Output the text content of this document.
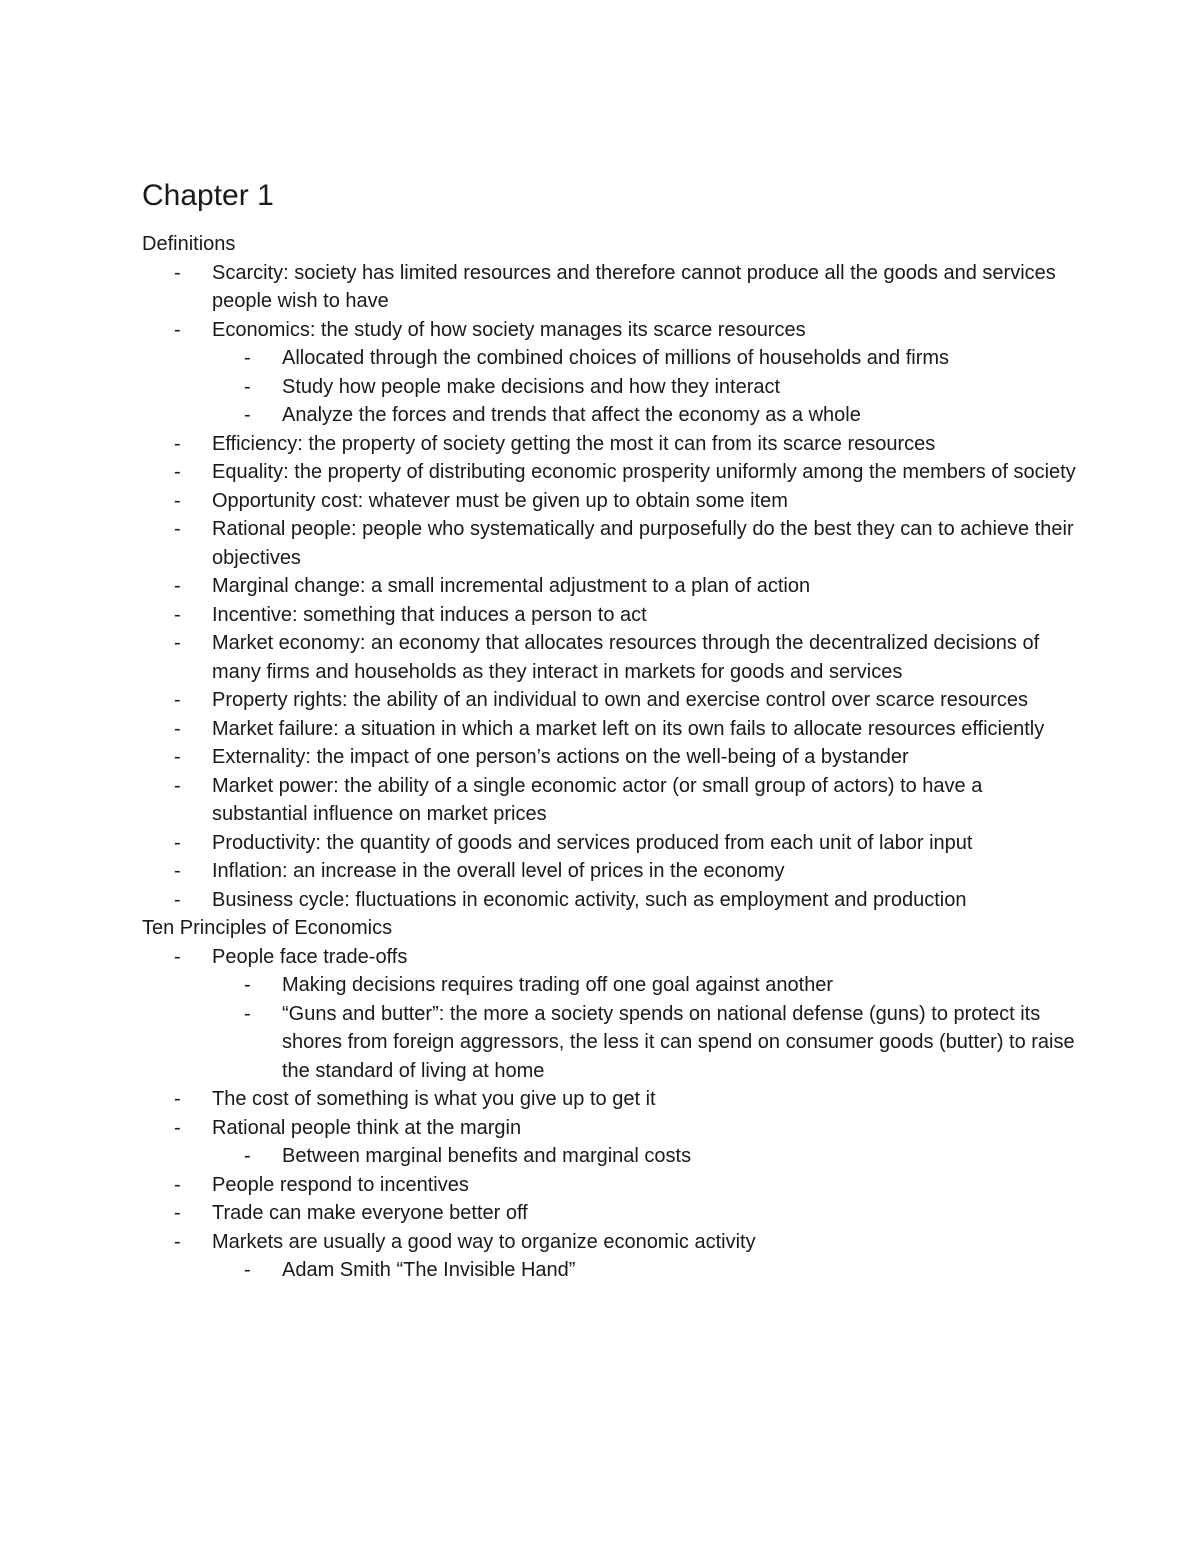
Chapter 1
Definitions
- Scarcity: society has limited resources and therefore cannot produce all the goods and services people wish to have
- Economics: the study of how society manages its scarce resources
- Allocated through the combined choices of millions of households and firms
- Study how people make decisions and how they interact
- Analyze the forces and trends that affect the economy as a whole
- Efficiency: the property of society getting the most it can from its scarce resources
- Equality: the property of distributing economic prosperity uniformly among the members of society
- Opportunity cost: whatever must be given up to obtain some item
- Rational people: people who systematically and purposefully do the best they can to achieve their objectives
- Marginal change: a small incremental adjustment to a plan of action
- Incentive: something that induces a person to act
- Market economy: an economy that allocates resources through the decentralized decisions of many firms and households as they interact in markets for goods and services
- Property rights: the ability of an individual to own and exercise control over scarce resources
- Market failure: a situation in which a market left on its own fails to allocate resources efficiently
- Externality: the impact of one person’s actions on the well-being of a bystander
- Market power: the ability of a single economic actor (or small group of actors) to have a substantial influence on market prices
- Productivity: the quantity of goods and services produced from each unit of labor input
- Inflation: an increase in the overall level of prices in the economy
- Business cycle: fluctuations in economic activity, such as employment and production
Ten Principles of Economics
- People face trade-offs
- Making decisions requires trading off one goal against another
- “Guns and butter”: the more a society spends on national defense (guns) to protect its shores from foreign aggressors, the less it can spend on consumer goods (butter) to raise the standard of living at home
- The cost of something is what you give up to get it
- Rational people think at the margin
- Between marginal benefits and marginal costs
- People respond to incentives
- Trade can make everyone better off
- Markets are usually a good way to organize economic activity
- Adam Smith “The Invisible Hand”
